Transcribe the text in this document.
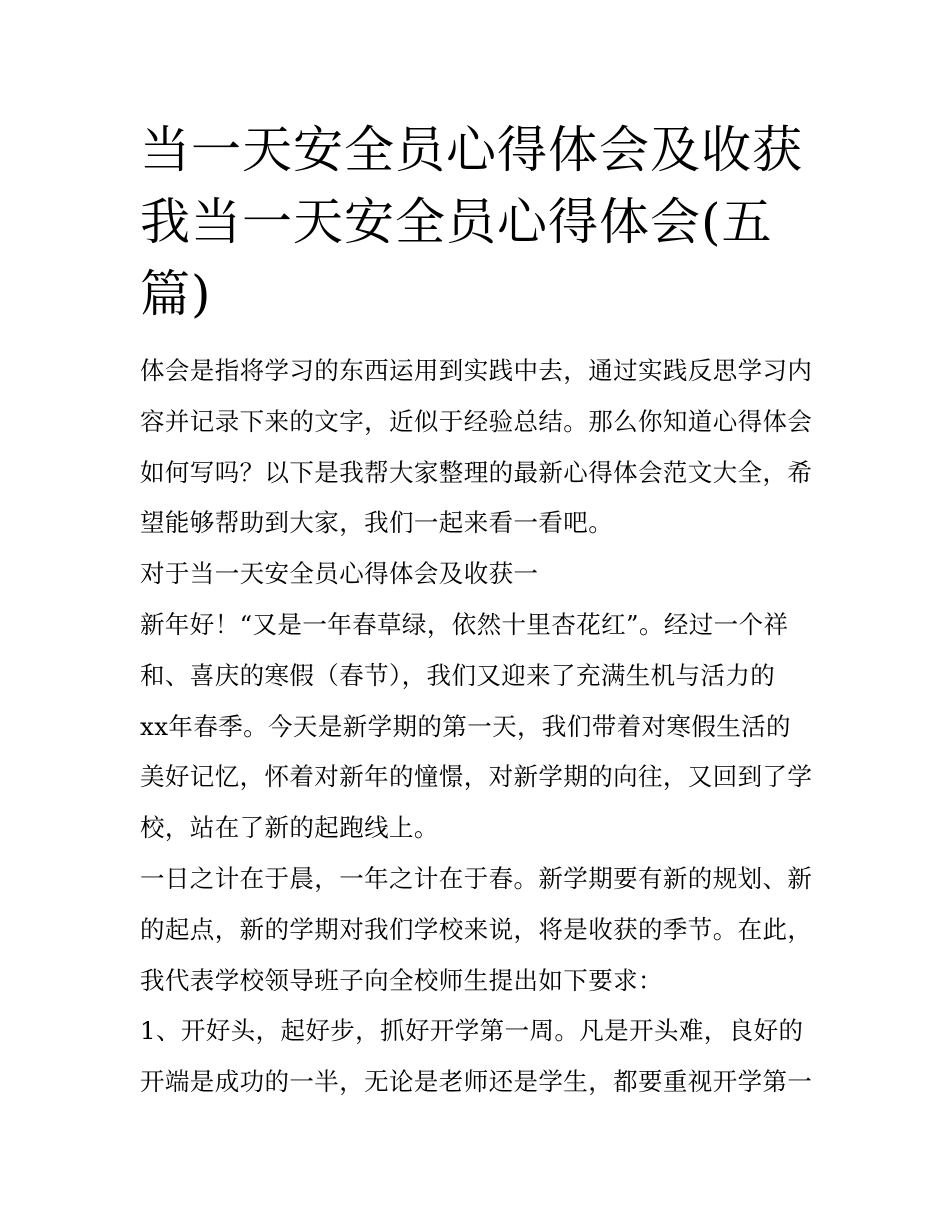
当一天安全员心得体会及收获
我当一天安全员心得体会(五
篇)

体会是指将学习的东西运用到实践中去，通过实践反思学习内
容并记录下来的文字，近似于经验总结。那么你知道心得体会
如何写吗？以下是我帮大家整理的最新心得体会范文大全，希
望能够帮助到大家，我们一起来看一看吧。

对于当一天安全员心得体会及收获一

新年好！“又是一年春草绿，依然十里杏花红”。经过一个祥
和、喜庆的寒假（春节），我们又迎来了充满生机与活力的
xx年春季。今天是新学期的第一天，我们带着对寒假生活的
美好记忆，怀着对新年的憧憬，对新学期的向往，又回到了学
校，站在了新的起跑线上。

一日之计在于晨，一年之计在于春。新学期要有新的规划、新
的起点，新的学期对我们学校来说，将是收获的季节。在此，
我代表学校领导班子向全校师生提出如下要求：

1、开好头，起好步，抓好开学第一周。凡是开头难，良好的
开端是成功的一半，无论是老师还是学生，都要重视开学第一
